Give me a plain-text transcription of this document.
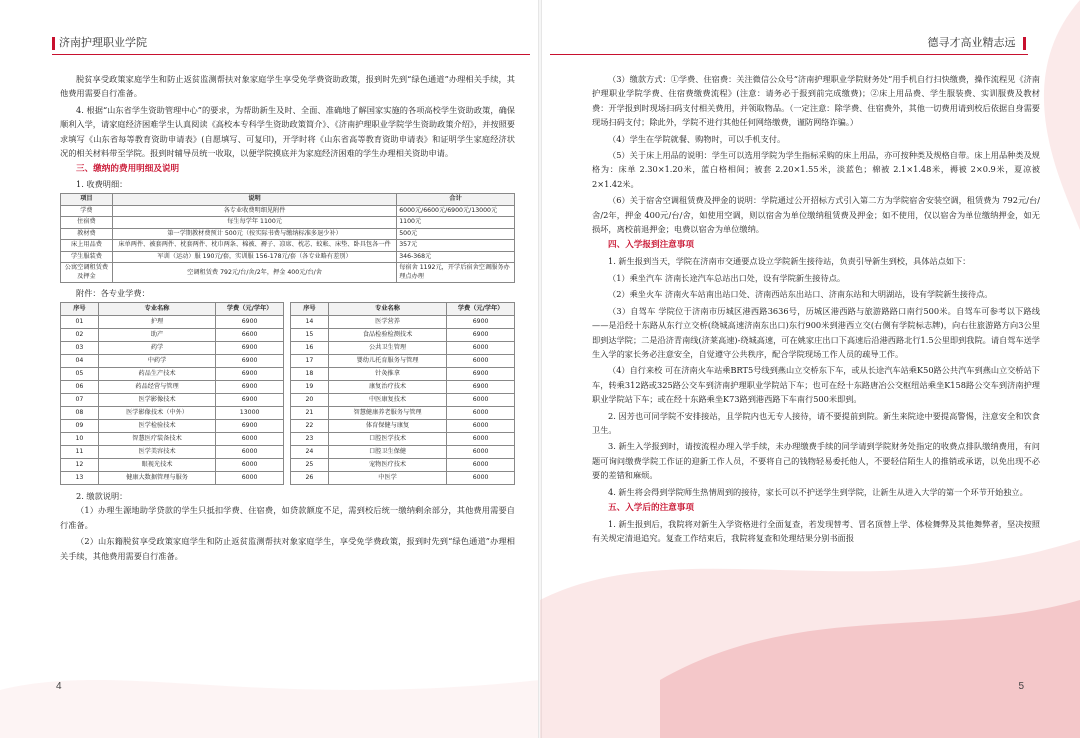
济南护理职业学院

脱贫享受政策家庭学生和防止返贫监测帮扶对象家庭学生享受免学费资助政策，报到时先到“绿色通道”办理相关手续，其他费用需要自行准备。

4. 根据“山东省学生资助管理中心”的要求，为帮助新生及时、全面、准确地了解国家实施的各项高校学生资助政策，确保顺利入学，请家庭经济困难学生认真阅读《高校本专科学生资助政策简介》、《济南护理职业学院学生资助政策介绍》，并按照要求填写《山东省每等教育资助申请表》(自愿填写、可复印)，开学时将《山东省高等教育资助申请表》和证明学生家庭经济状况的相关材料带至学院。报到时辅导员统一收取，以便学院摸底并为家庭经济困难的学生办理相关资助申请。

三、缴纳的费用明细及说明
1. 收费明细：
项目	说明	合计
学费	各专业收费明细见附件	6000元/6600元/6900元/13000元
住宿费	每生每学年 1100元	1100元
教材费	第一学期教材费预计 500元（按实际书费与缴纳标准多退少补）	500元
床上用品费	床单两件、被套两件、枕套两件、枕巾两条、棉被、褥子、凉席、枕芯、蚊帐、床垫、卧具包各一件	357元
学生服装费	军训（运动）服 190元/套，实训服 156-178元/套（各专业略有差别）	346-368元
公寓空调租赁费及押金	空调租赁费 792元/台/舍/2年，押金 400元/台/舍	每宿舍 1192元，开学后宿舍空调服务办理点办理
附件：各专业学费：
序号	专业名称	学费（元/学年）
01	护理	6900
02	助产	6600
03	药学	6900
04	中药学	6900
05	药品生产技术	6900
06	药品经营与管理	6900
07	医学影像技术	6900
08	医学影像技术（中外）	13000
09	医学检验技术	6900
10	智慧医疗装备技术	6000
11	医学美容技术	6000
12	眼视光技术	6000
13	健康大数据管理与服务	6000
序号	专业名称	学费（元/学年）
14	医学营养	6900
15	食品检验检测技术	6900
16	公共卫生管理	6000
17	婴幼儿托育服务与管理	6000
18	针灸推拿	6900
19	康复治疗技术	6900
20	中医康复技术	6000
21	智慧健康养老服务与管理	6000
22	体育保健与康复	6000
23	口腔医学技术	6000
24	口腔卫生保健	6000
25	宠物医疗技术	6000
26	中医学	6000
2. 缴款说明：

（1）办理生源地助学贷款的学生只抵扣学费、住宿费，如贷款额度不足，需到校后统一缴纳剩余部分，其他费用需要自行准备。

（2）山东籍脱贫享受政策家庭学生和防止返贫监测帮扶对象家庭学生，享受免学费政策，报到时先到“绿色通道”办理相关手续，其他费用需要自行准备。

4
德寻才高业精志远

（3）缴款方式：①学费、住宿费：关注微信公众号“济南护理职业学院财务处”用手机自行扫快缴费，操作流程见《济南护理职业学院学费、住宿费缴费流程》(注意：请务必于报到前完成缴费)；②床上用品费、学生服装费、实训服费及教材费：开学报到时现场扫码支付相关费用，并领取物品。（一定注意：除学费、住宿费外，其他一切费用请到校后依据自身需要现场扫码支付；除此外，学院不进行其他任何网络缴费，谨防网络诈骗。）

（4）学生在学院就餐、购物时，可以手机支付。

（5）关于床上用品的说明：学生可以选用学院为学生指标采购的床上用品，亦可按种类及规格自带。床上用品种类及规格为：床单 2.30×1.20米，蓝白格相间；被套 2.20×1.55米，淡蓝色；棉被 2.1×1.48米，褥被 2×0.9米，夏凉被 2×1.42米。

（6）关于宿舍空调租赁费及押金的说明：学院通过公开招标方式引入第二方为学院宿舍安装空调，租赁费为 792元/台/舍/2年，押金 400元/台/舍，如使用空调，则以宿舍为单位缴纳租赁费及押金；如不使用，仅以宿舍为单位缴纳押金，如无损坏，离校前退押金；电费以宿舍为单位缴纳。

四、入学报到注意事项

1. 新生报到当天，学院在济南市交通要点设立学院新生接待站，负责引导新生到校，具体站点如下：

（1）乘坐汽车 济南长途汽车总站出口处，设有学院新生接待点。

（2）乘坐火车 济南火车站南出站口处、济南西站东出站口、济南东站和大明湖站，设有学院新生接待点。

（3）自驾车 学院位于济南市历城区港西路3636号，历城区港西路与旅游路路口南行500米。自驾车可参考以下路线——是沿经十东路从东行立交桥(绕城高速济南东出口)东行900米到港西立交(右侧有学院标志牌)，向右往旅游路方向3公里即到达学院；二是沿济青南线(济莱高速)-绕城高速，可在姚家庄出口下高速后沿港西路北行1.5公里即到我院。请自驾车送学生入学的家长务必注意安全，自觉遵守公共秩序，配合学院现场工作人员的疏导工作。

（4）自行来校 可在济南火车站乘BRT5号线到燕山立交桥东下车，或从长途汽车站乘K50路公共汽车到燕山立交桥站下车，转乘312路或325路公交车到济南护理职业学院站下车；也可在经十东路唐冶公交枢纽站乘坐K158路公交车到济南护理职业学院站下车；或在经十东路乘坐K73路到港西路下车南行500米即到。

2. 因芳也可同学院不安排接站，且学院内也无专人接待，请不要提前到院。新生来院途中要提高警惕，注意安全和饮食卫生。

3. 新生入学报到时，请按流程办理入学手续，未办理缴费手续的同学请到学院财务处指定的收费点排队缴纳费用，有问题可询问缴费学院工作证的迎新工作人员，不要将自己的钱物轻易委托他人，不要轻信陌生人的推销或承诺，以免出现不必要的差错和麻烦。

4. 新生将会得到学院师生热情周到的接待，家长可以不护送学生到学院，让新生从进入大学的第一个环节开始独立。

五、入学后的注意事项

1. 新生报到后，我院将对新生入学资格进行全面复查，若发现替考、冒名顶替上学、体检舞弊及其他舞弊者，坚决按照有关规定清退追究。复查工作结束后，我院将复查和处理结果分别书面报

5
